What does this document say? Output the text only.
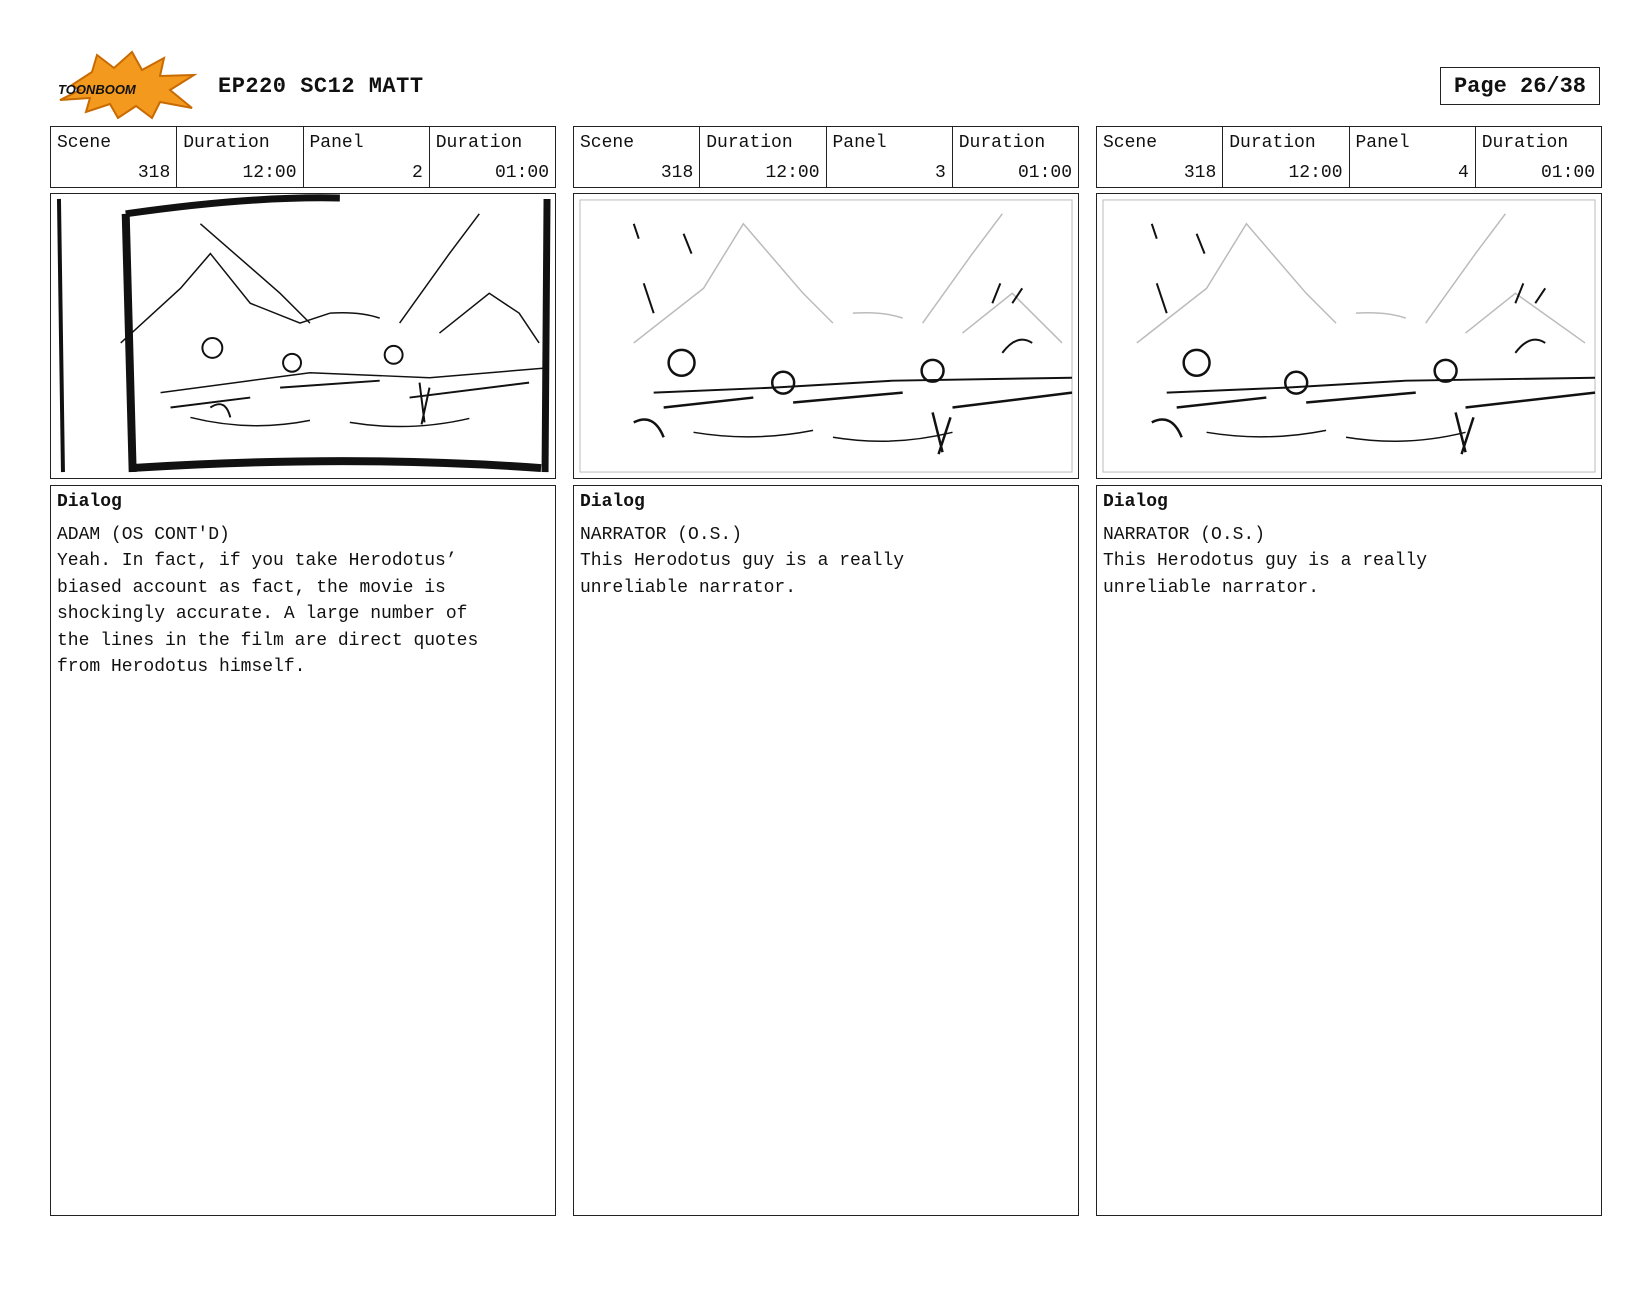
TOONBOOM	EP220 SC12 MATT	Page 26/38
Scene
318
Duration
12:00
Panel
2
Duration
01:00
Dialog
ADAM (OS CONT'D)
Yeah. In fact, if you take Herodotus’
biased account as fact, the movie is
shockingly accurate. A large number of
the lines in the film are direct quotes
from Herodotus himself.
Scene
318
Duration
12:00
Panel
3
Duration
01:00
Dialog
NARRATOR (O.S.)
This Herodotus guy is a really
unreliable narrator.
Scene
318
Duration
12:00
Panel
4
Duration
01:00
Dialog
NARRATOR (O.S.)
This Herodotus guy is a really
unreliable narrator.
